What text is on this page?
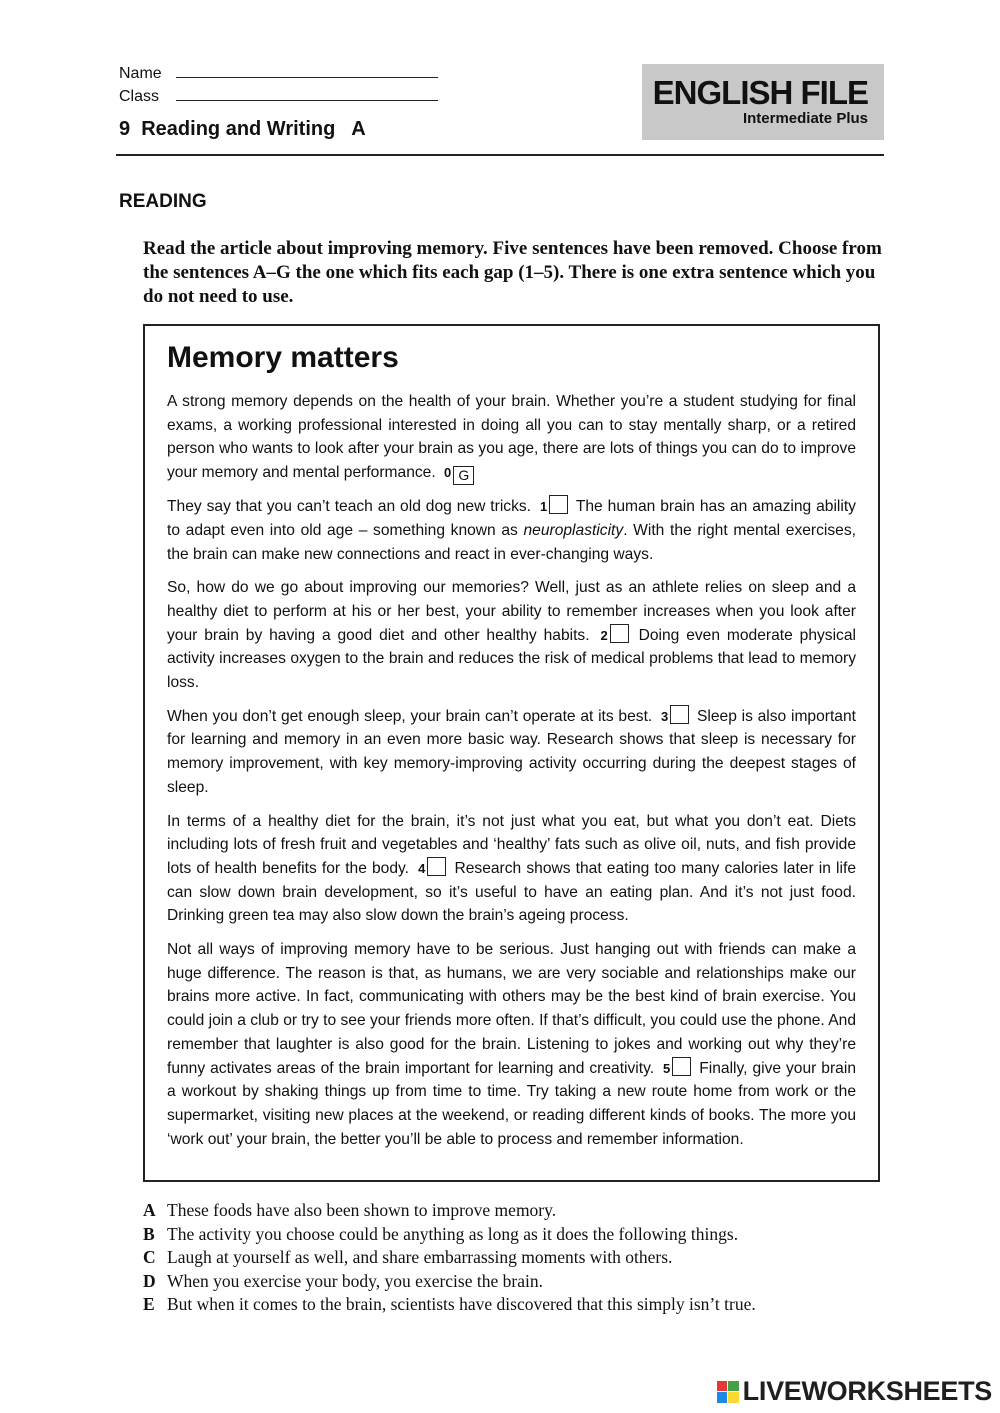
Name
Class
9  Reading and Writing   A
ENGLISH FILE
Intermediate Plus
READING
Read the article about improving memory. Five sentences have been removed. Choose from the sentences A–G the one which fits each gap (1–5). There is one extra sentence which you do not need to use.
Memory matters

A strong memory depends on the health of your brain. Whether you’re a student studying for final exams, a working professional interested in doing all you can to stay mentally sharp, or a retired person who wants to look after your brain as you age, there are lots of things you can do to improve your memory and mental performance. 0 G

They say that you can’t teach an old dog new tricks. 1 The human brain has an amazing ability to adapt even into old age – something known as neuroplasticity. With the right mental exercises, the brain can make new connections and react in ever-changing ways.

So, how do we go about improving our memories? Well, just as an athlete relies on sleep and a healthy diet to perform at his or her best, your ability to remember increases when you look after your brain by having a good diet and other healthy habits. 2 Doing even moderate physical activity increases oxygen to the brain and reduces the risk of medical problems that lead to memory loss.

When you don’t get enough sleep, your brain can’t operate at its best. 3 Sleep is also important for learning and memory in an even more basic way. Research shows that sleep is necessary for memory improvement, with key memory-improving activity occurring during the deepest stages of sleep.

In terms of a healthy diet for the brain, it’s not just what you eat, but what you don’t eat. Diets including lots of fresh fruit and vegetables and ‘healthy’ fats such as olive oil, nuts, and fish provide lots of health benefits for the body. 4 Research shows that eating too many calories later in life can slow down brain development, so it’s useful to have an eating plan. And it’s not just food. Drinking green tea may also slow down the brain’s ageing process.

Not all ways of improving memory have to be serious. Just hanging out with friends can make a huge difference. The reason is that, as humans, we are very sociable and relationships make our brains more active. In fact, communicating with others may be the best kind of brain exercise. You could join a club or try to see your friends more often. If that’s difficult, you could use the phone. And remember that laughter is also good for the brain. Listening to jokes and working out why they’re funny activates areas of the brain important for learning and creativity. 5 Finally, give your brain a workout by shaking things up from time to time. Try taking a new route home from work or the supermarket, visiting new places at the weekend, or reading different kinds of books. The more you ‘work out’ your brain, the better you’ll be able to process and remember information.

A These foods have also been shown to improve memory.
B The activity you choose could be anything as long as it does the following things.
C Laugh at yourself as well, and share embarrassing moments with others.
D When you exercise your body, you exercise the brain.
E But when it comes to the brain, scientists have discovered that this simply isn’t true.
LIVEWORKSHEETS
